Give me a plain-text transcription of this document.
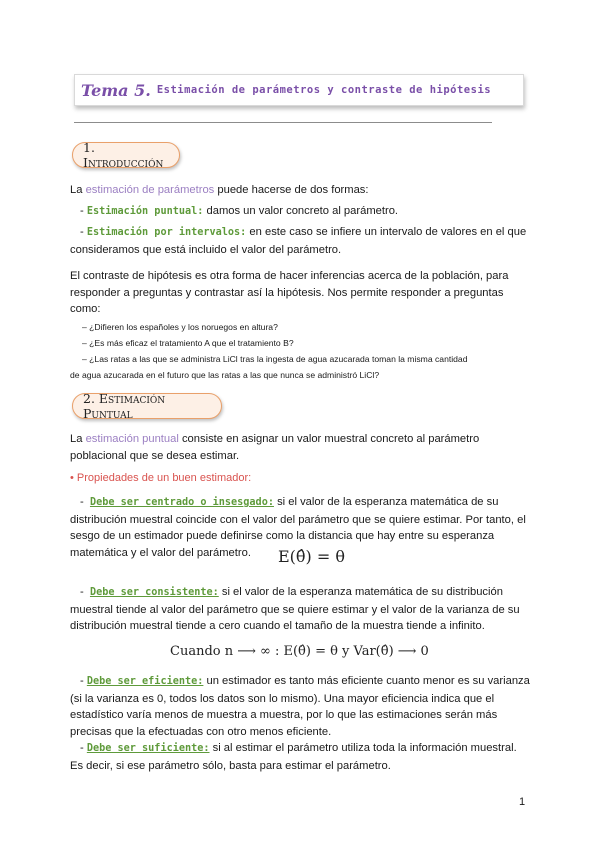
Tema 5. Estimación de parámetros y contraste de hipótesis
1. Introducción
La estimación de parámetros puede hacerse de dos formas:
- Estimación puntual: damos un valor concreto al parámetro.
- Estimación por intervalos: en este caso se infiere un intervalo de valores en el que consideramos que está incluido el valor del parámetro.
El contraste de hipótesis es otra forma de hacer inferencias acerca de la población, para responder a preguntas y contrastar así la hipótesis. Nos permite responder a preguntas como:
– ¿Difieren los españoles y los noruegos en altura?
– ¿Es más eficaz el tratamiento A que el tratamiento B?
– ¿Las ratas a las que se administra LiCl tras la ingesta de agua azucarada toman la misma cantidad
de agua azucarada en el futuro que las ratas a las que nunca se administró LiCl?
2. Estimación Puntual
La estimación puntual consiste en asignar un valor muestral concreto al parámetro poblacional que se desea estimar.
• Propiedades de un buen estimador:
-  Debe ser centrado o insesgado: si el valor de la esperanza matemática de su distribución muestral coincide con el valor del parámetro que se quiere estimar. Por tanto, el sesgo de un estimador puede definirse como la distancia que hay entre su esperanza matemática y el valor del parámetro.	E(θ̂) = θ
-  Debe ser consistente: si el valor de la esperanza matemática de su distribución muestral tiende al valor del parámetro que se quiere estimar y el valor de la varianza de su distribución muestral tiende a cero cuando el tamaño de la muestra tiende a infinito.
Cuando n ⟶ ∞ : E(θ̂) = θ y Var(θ̂) ⟶ 0
- Debe ser eficiente: un estimador es tanto más eficiente cuanto menor es su varianza (si la varianza es 0, todos los datos son lo mismo). Una mayor eficiencia indica que el estadístico varía menos de muestra a muestra, por lo que las estimaciones serán más precisas que la efectuadas con otro menos eficiente.
- Debe ser suficiente: si al estimar el parámetro utiliza toda la información muestral. Es decir, si ese parámetro sólo, basta para estimar el parámetro.
1
